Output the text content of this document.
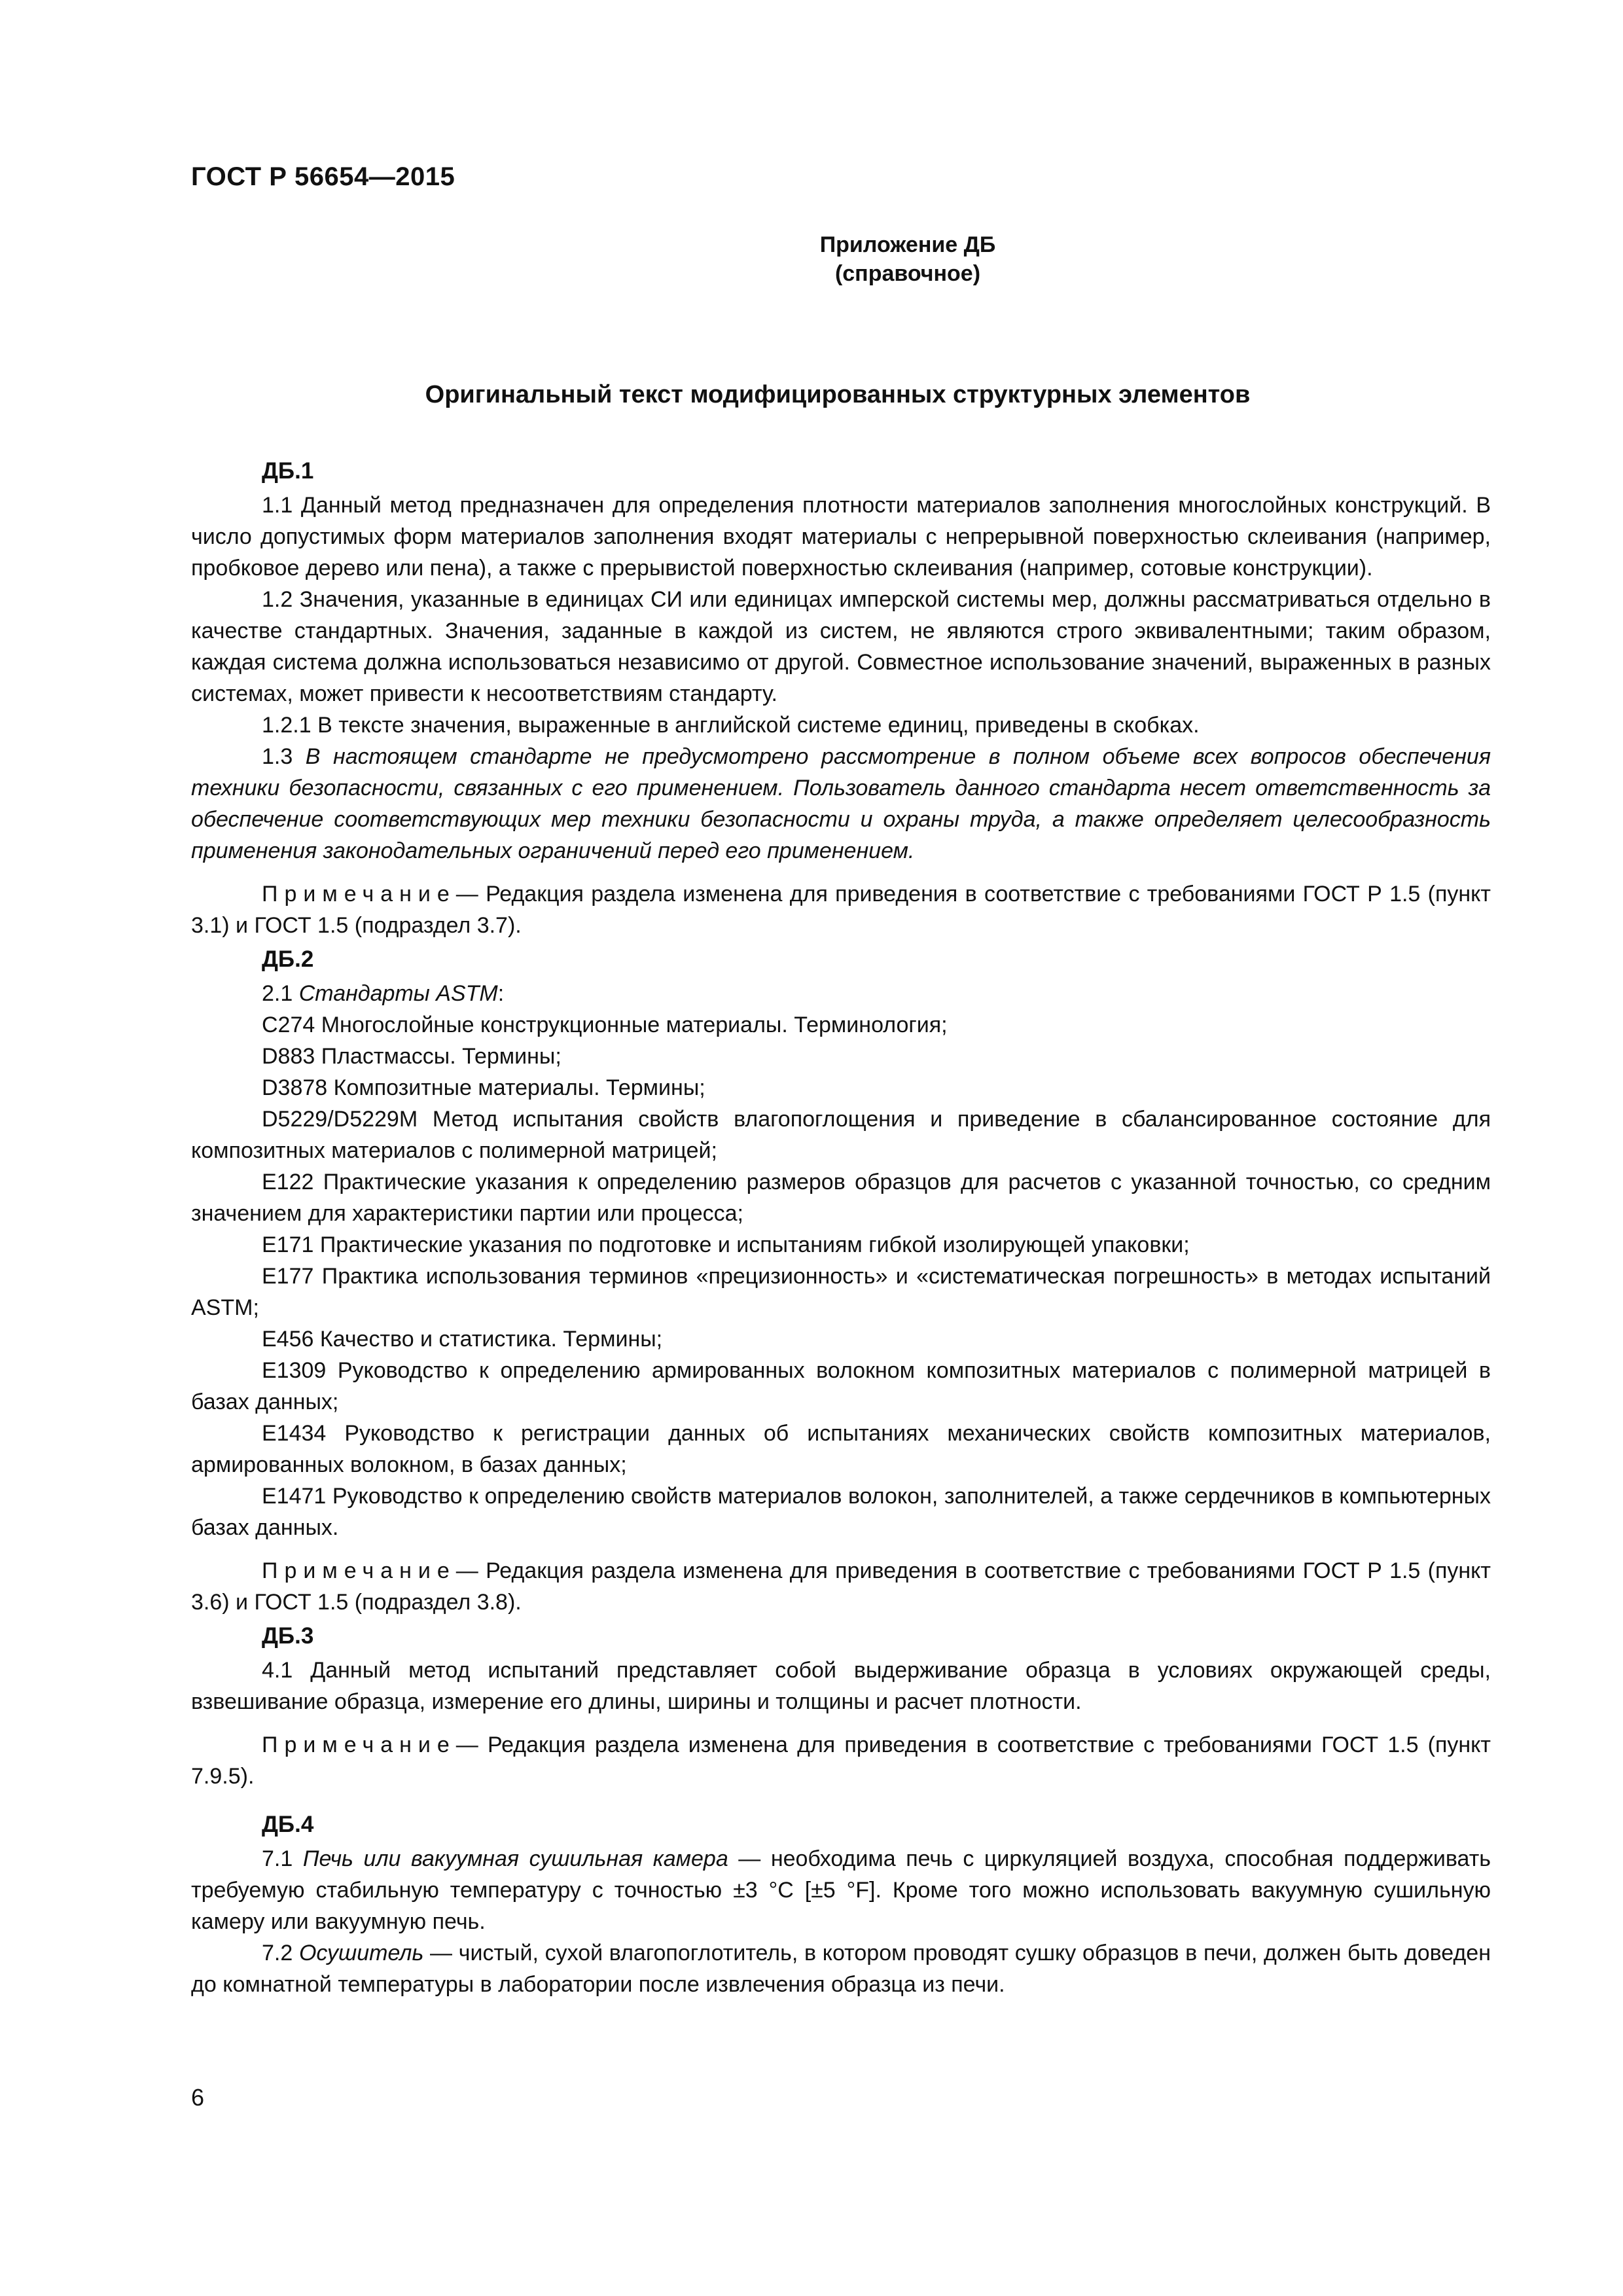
ГОСТ Р 56654—2015
Приложение ДБ
(справочное)
Оригинальный текст модифицированных структурных элементов
ДБ.1

1.1 Данный метод предназначен для определения плотности материалов заполнения многослойных конструкций. В число допустимых форм материалов заполнения входят материалы с непрерывной поверхностью склеивания (например, пробковое дерево или пена), а также с прерывистой поверхностью склеивания (например, сотовые конструкции).

1.2 Значения, указанные в единицах СИ или единицах имперской системы мер, должны рассматриваться отдельно в качестве стандартных. Значения, заданные в каждой из систем, не являются строго эквивалентными; таким образом, каждая система должна использоваться независимо от другой. Совместное использование значений, выраженных в разных системах, может привести к несоответствиям стандарту.

1.2.1 В тексте значения, выраженные в английской системе единиц, приведены в скобках.

1.3 В настоящем стандарте не предусмотрено рассмотрение в полном объеме всех вопросов обеспечения техники безопасности, связанных с его применением. Пользователь данного стандарта несет ответственность за обеспечение соответствующих мер техники безопасности и охраны труда, а также определяет целесообразность применения законодательных ограничений перед его применением.

Примечание— Редакция раздела изменена для приведения в соответствие с требованиями ГОСТ Р 1.5 (пункт 3.1) и ГОСТ 1.5 (подраздел 3.7).

ДБ.2

2.1 Стандарты ASTM:

C274 Многослойные конструкционные материалы. Терминология;

D883 Пластмассы. Термины;

D3878 Композитные материалы. Термины;

D5229/D5229M Метод испытания свойств влагопоглощения и приведение в сбалансированное состояние для композитных материалов с полимерной матрицей;

E122 Практические указания к определению размеров образцов для расчетов с указанной точностью, со средним значением для характеристики партии или процесса;

E171 Практические указания по подготовке и испытаниям гибкой изолирующей упаковки;

E177 Практика использования терминов «прецизионность» и «систематическая погрешность» в методах испытаний ASTM;

E456 Качество и статистика. Термины;

E1309 Руководство к определению армированных волокном композитных материалов с полимерной матрицей в базах данных;

E1434 Руководство к регистрации данных об испытаниях механических свойств композитных материалов, армированных волокном, в базах данных;

E1471 Руководство к определению свойств материалов волокон, заполнителей, а также сердечников в компьютерных базах данных.

Примечание— Редакция раздела изменена для приведения в соответствие с требованиями ГОСТ Р 1.5 (пункт 3.6) и ГОСТ 1.5 (подраздел 3.8).

ДБ.3

4.1 Данный метод испытаний представляет собой выдерживание образца в условиях окружающей среды, взвешивание образца, измерение его длины, ширины и толщины и расчет плотности.

Примечание— Редакция раздела изменена для приведения в соответствие с требованиями ГОСТ 1.5 (пункт 7.9.5).

ДБ.4

7.1 Печь или вакуумная сушильная камера — необходима печь с циркуляцией воздуха, способная поддерживать требуемую стабильную температуру с точностью ±3 °C [±5 °F]. Кроме того можно использовать вакуумную сушильную камеру или вакуумную печь.

7.2 Осушитель — чистый, сухой влагопоглотитель, в котором проводят сушку образцов в печи, должен быть доведен до комнатной температуры в лаборатории после извлечения образца из печи.

6
